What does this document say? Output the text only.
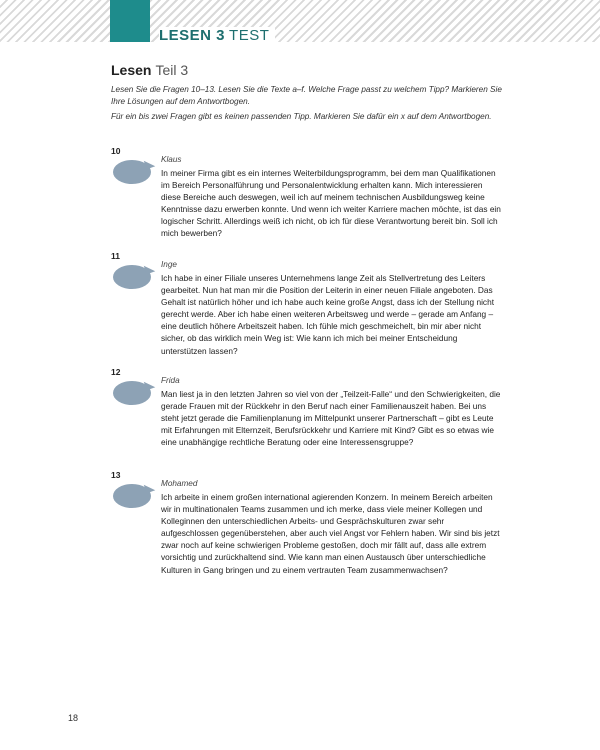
LESEN 3 TEST
Lesen Teil 3
Lesen Sie die Fragen 10–13. Lesen Sie die Texte a–f. Welche Frage passt zu welchem Tipp? Markieren Sie Ihre Lösungen auf dem Antwortbogen.
Für ein bis zwei Fragen gibt es keinen passenden Tipp. Markieren Sie dafür ein x auf dem Antwortbogen.
10
Klaus
In meiner Firma gibt es ein internes Weiterbildungsprogramm, bei dem man Qualifikationen im Bereich Personalführung und Personalentwicklung erhalten kann. Mich interessieren diese Bereiche auch deswegen, weil ich auf meinem technischen Ausbildungsweg keine Kenntnisse dazu erwerben konnte. Und wenn ich weiter Karriere machen möchte, ist das ein logischer Schritt. Allerdings weiß ich nicht, ob ich für diese Verantwortung bereit bin. Soll ich mich bewerben?
11
Inge
Ich habe in einer Filiale unseres Unternehmens lange Zeit als Stellvertretung des Leiters gearbeitet. Nun hat man mir die Position der Leiterin in einer neuen Filiale angeboten. Das Gehalt ist natürlich höher und ich habe auch keine große Angst, dass ich der Stellung nicht gerecht werde. Aber ich habe einen weiteren Arbeitsweg und werde – gerade am Anfang – eine deutlich höhere Arbeitszeit haben. Ich fühle mich geschmeichelt, bin mir aber nicht sicher, ob das wirklich mein Weg ist: Wie kann ich mich bei meiner Entscheidung unterstützen lassen?
12
Frida
Man liest ja in den letzten Jahren so viel von der „Teilzeit-Falle“ und den Schwierigkeiten, die gerade Frauen mit der Rückkehr in den Beruf nach einer Familienauszeit haben. Bei uns steht jetzt gerade die Familienplanung im Mittelpunkt unserer Partnerschaft – gibt es Leute mit Erfahrungen mit Elternzeit, Berufsrückkehr und Karriere mit Kind? Gibt es so etwas wie eine unabhängige rechtliche Beratung oder eine Interessensgruppe?
13
Mohamed
Ich arbeite in einem großen international agierenden Konzern. In meinem Bereich arbeiten wir in multinationalen Teams zusammen und ich merke, dass viele meiner Kollegen und Kolleginnen den unterschiedlichen Arbeits- und Gesprächskulturen zwar sehr aufgeschlossen gegenüberstehen, aber auch viel Angst vor Fehlern haben. Wir sind bis jetzt zwar noch auf keine schwierigen Probleme gestoßen, doch mir fällt auf, dass alle extrem vorsichtig und zurückhaltend sind. Wie kann man einen Austausch über unterschiedliche Kulturen in Gang bringen und zu einem vertrauten Team zusammenwachsen?
18
